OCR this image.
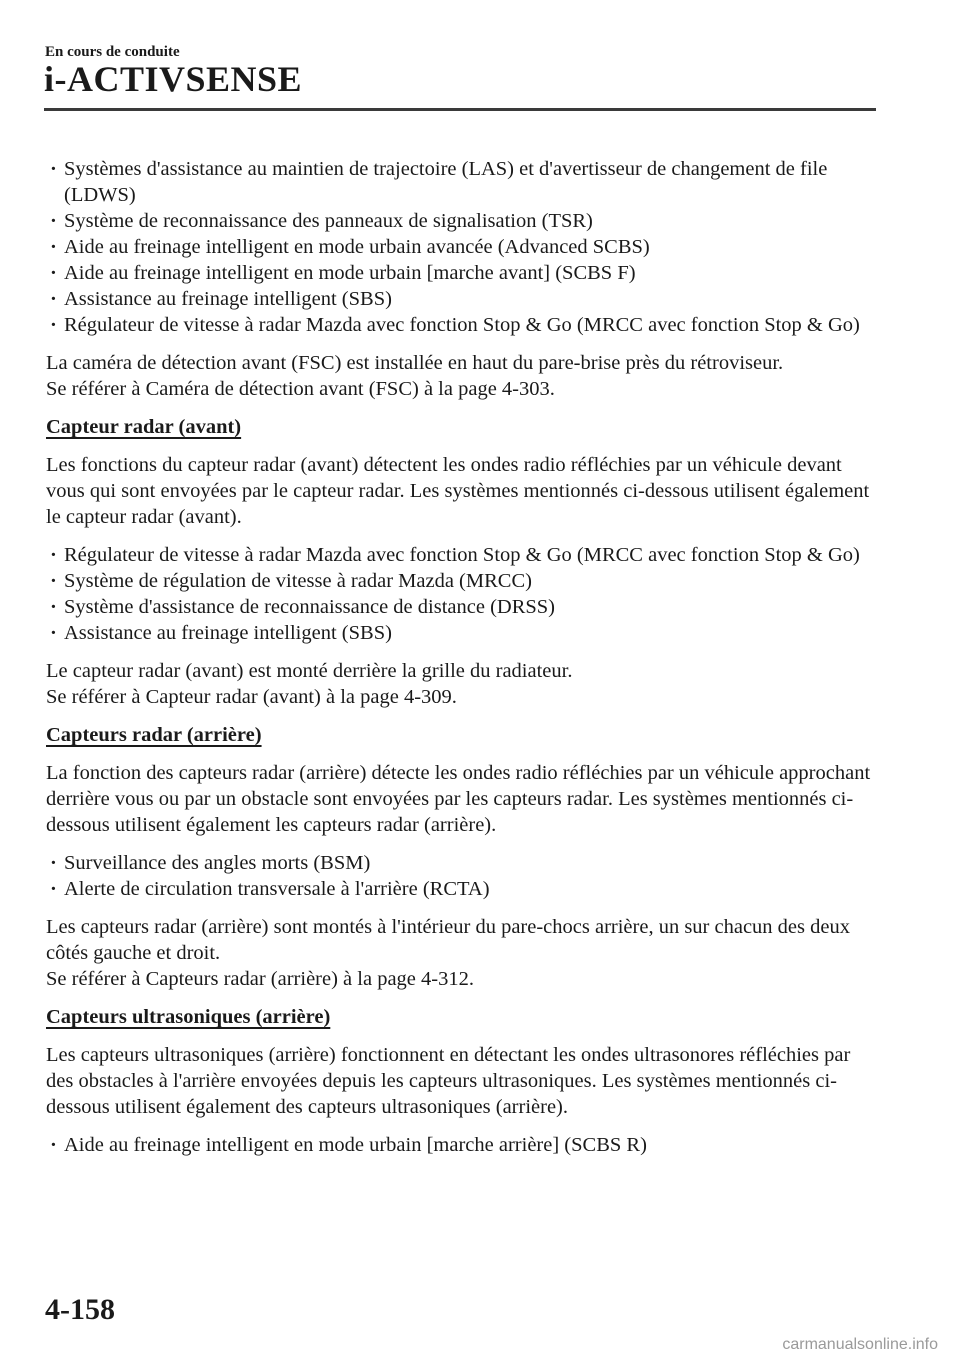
En cours de conduite
i-ACTIVSENSE
· Systèmes d'assistance au maintien de trajectoire (LAS) et d'avertisseur de changement de file (LDWS)
· Système de reconnaissance des panneaux de signalisation (TSR)
· Aide au freinage intelligent en mode urbain avancée (Advanced SCBS)
· Aide au freinage intelligent en mode urbain [marche avant] (SCBS F)
· Assistance au freinage intelligent (SBS)
· Régulateur de vitesse à radar Mazda avec fonction Stop & Go (MRCC avec fonction Stop & Go)

La caméra de détection avant (FSC) est installée en haut du pare-brise près du rétroviseur.

Se référer à Caméra de détection avant (FSC) à la page 4-303.

Capteur radar (avant)

Les fonctions du capteur radar (avant) détectent les ondes radio réfléchies par un véhicule devant vous qui sont envoyées par le capteur radar. Les systèmes mentionnés ci-dessous utilisent également le capteur radar (avant).

· Régulateur de vitesse à radar Mazda avec fonction Stop & Go (MRCC avec fonction Stop & Go)
· Système de régulation de vitesse à radar Mazda (MRCC)
· Système d'assistance de reconnaissance de distance (DRSS)
· Assistance au freinage intelligent (SBS)

Le capteur radar (avant) est monté derrière la grille du radiateur.

Se référer à Capteur radar (avant) à la page 4-309.

Capteurs radar (arrière)

La fonction des capteurs radar (arrière) détecte les ondes radio réfléchies par un véhicule approchant derrière vous ou par un obstacle sont envoyées par les capteurs radar. Les systèmes mentionnés ci-dessous utilisent également les capteurs radar (arrière).

· Surveillance des angles morts (BSM)
· Alerte de circulation transversale à l'arrière (RCTA)

Les capteurs radar (arrière) sont montés à l'intérieur du pare-chocs arrière, un sur chacun des deux côtés gauche et droit.

Se référer à Capteurs radar (arrière) à la page 4-312.

Capteurs ultrasoniques (arrière)

Les capteurs ultrasoniques (arrière) fonctionnent en détectant les ondes ultrasonores réfléchies par des obstacles à l'arrière envoyées depuis les capteurs ultrasoniques. Les systèmes mentionnés ci-dessous utilisent également des capteurs ultrasoniques (arrière).

· Aide au freinage intelligent en mode urbain [marche arrière] (SCBS R)
4-158
carmanualsonline.info
